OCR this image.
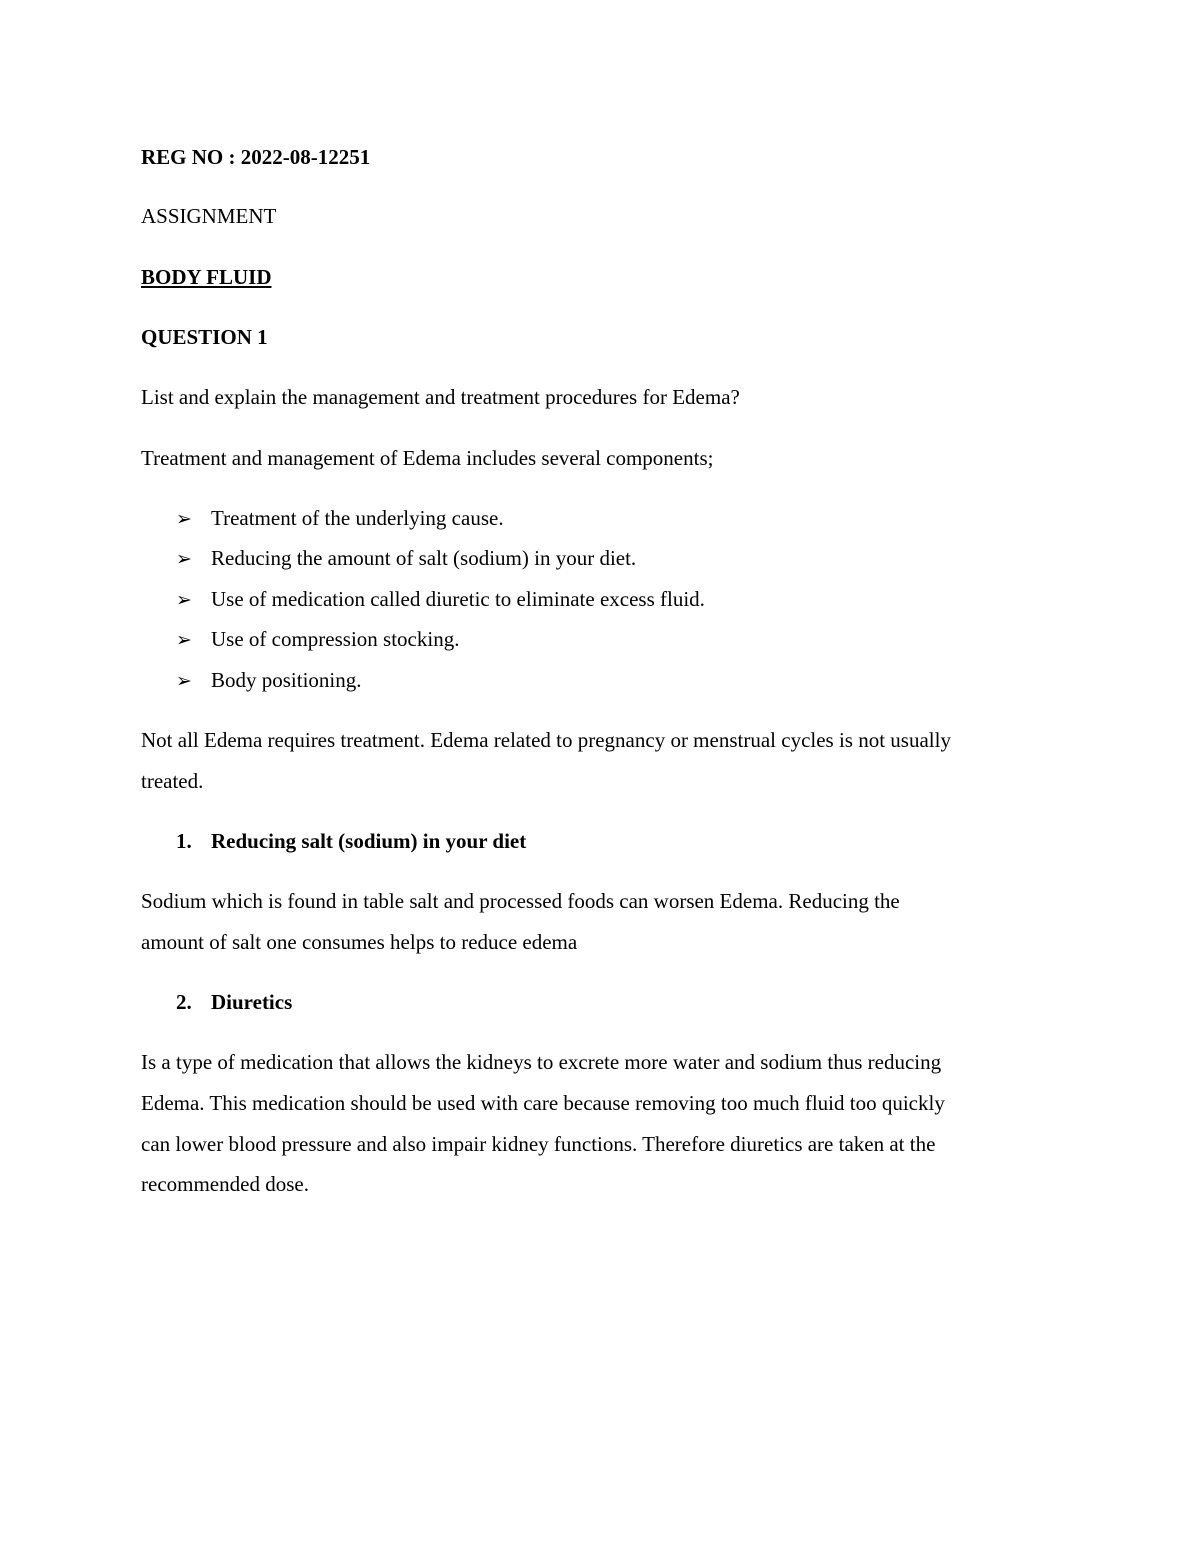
REG NO : 2022-08-12251
ASSIGNMENT
BODY FLUID
QUESTION 1
List and explain the management and treatment procedures for Edema?
Treatment and management of Edema includes several components;
➢ Treatment of the underlying cause.
➢ Reducing the amount of salt (sodium) in your diet.
➢ Use of medication called diuretic to eliminate excess fluid.
➢ Use of compression stocking.
➢ Body positioning.
Not all Edema requires treatment. Edema related to pregnancy or menstrual cycles is not usually
treated.
1. Reducing salt (sodium) in your diet
Sodium which is found in table salt and processed foods can worsen Edema. Reducing the
amount of salt one consumes helps to reduce edema
2. Diuretics
Is a type of medication that allows the kidneys to excrete more water and sodium thus reducing
Edema. This medication should be used with care because removing too much fluid too quickly
can lower blood pressure and also impair kidney functions. Therefore diuretics are taken at the
recommended dose.
